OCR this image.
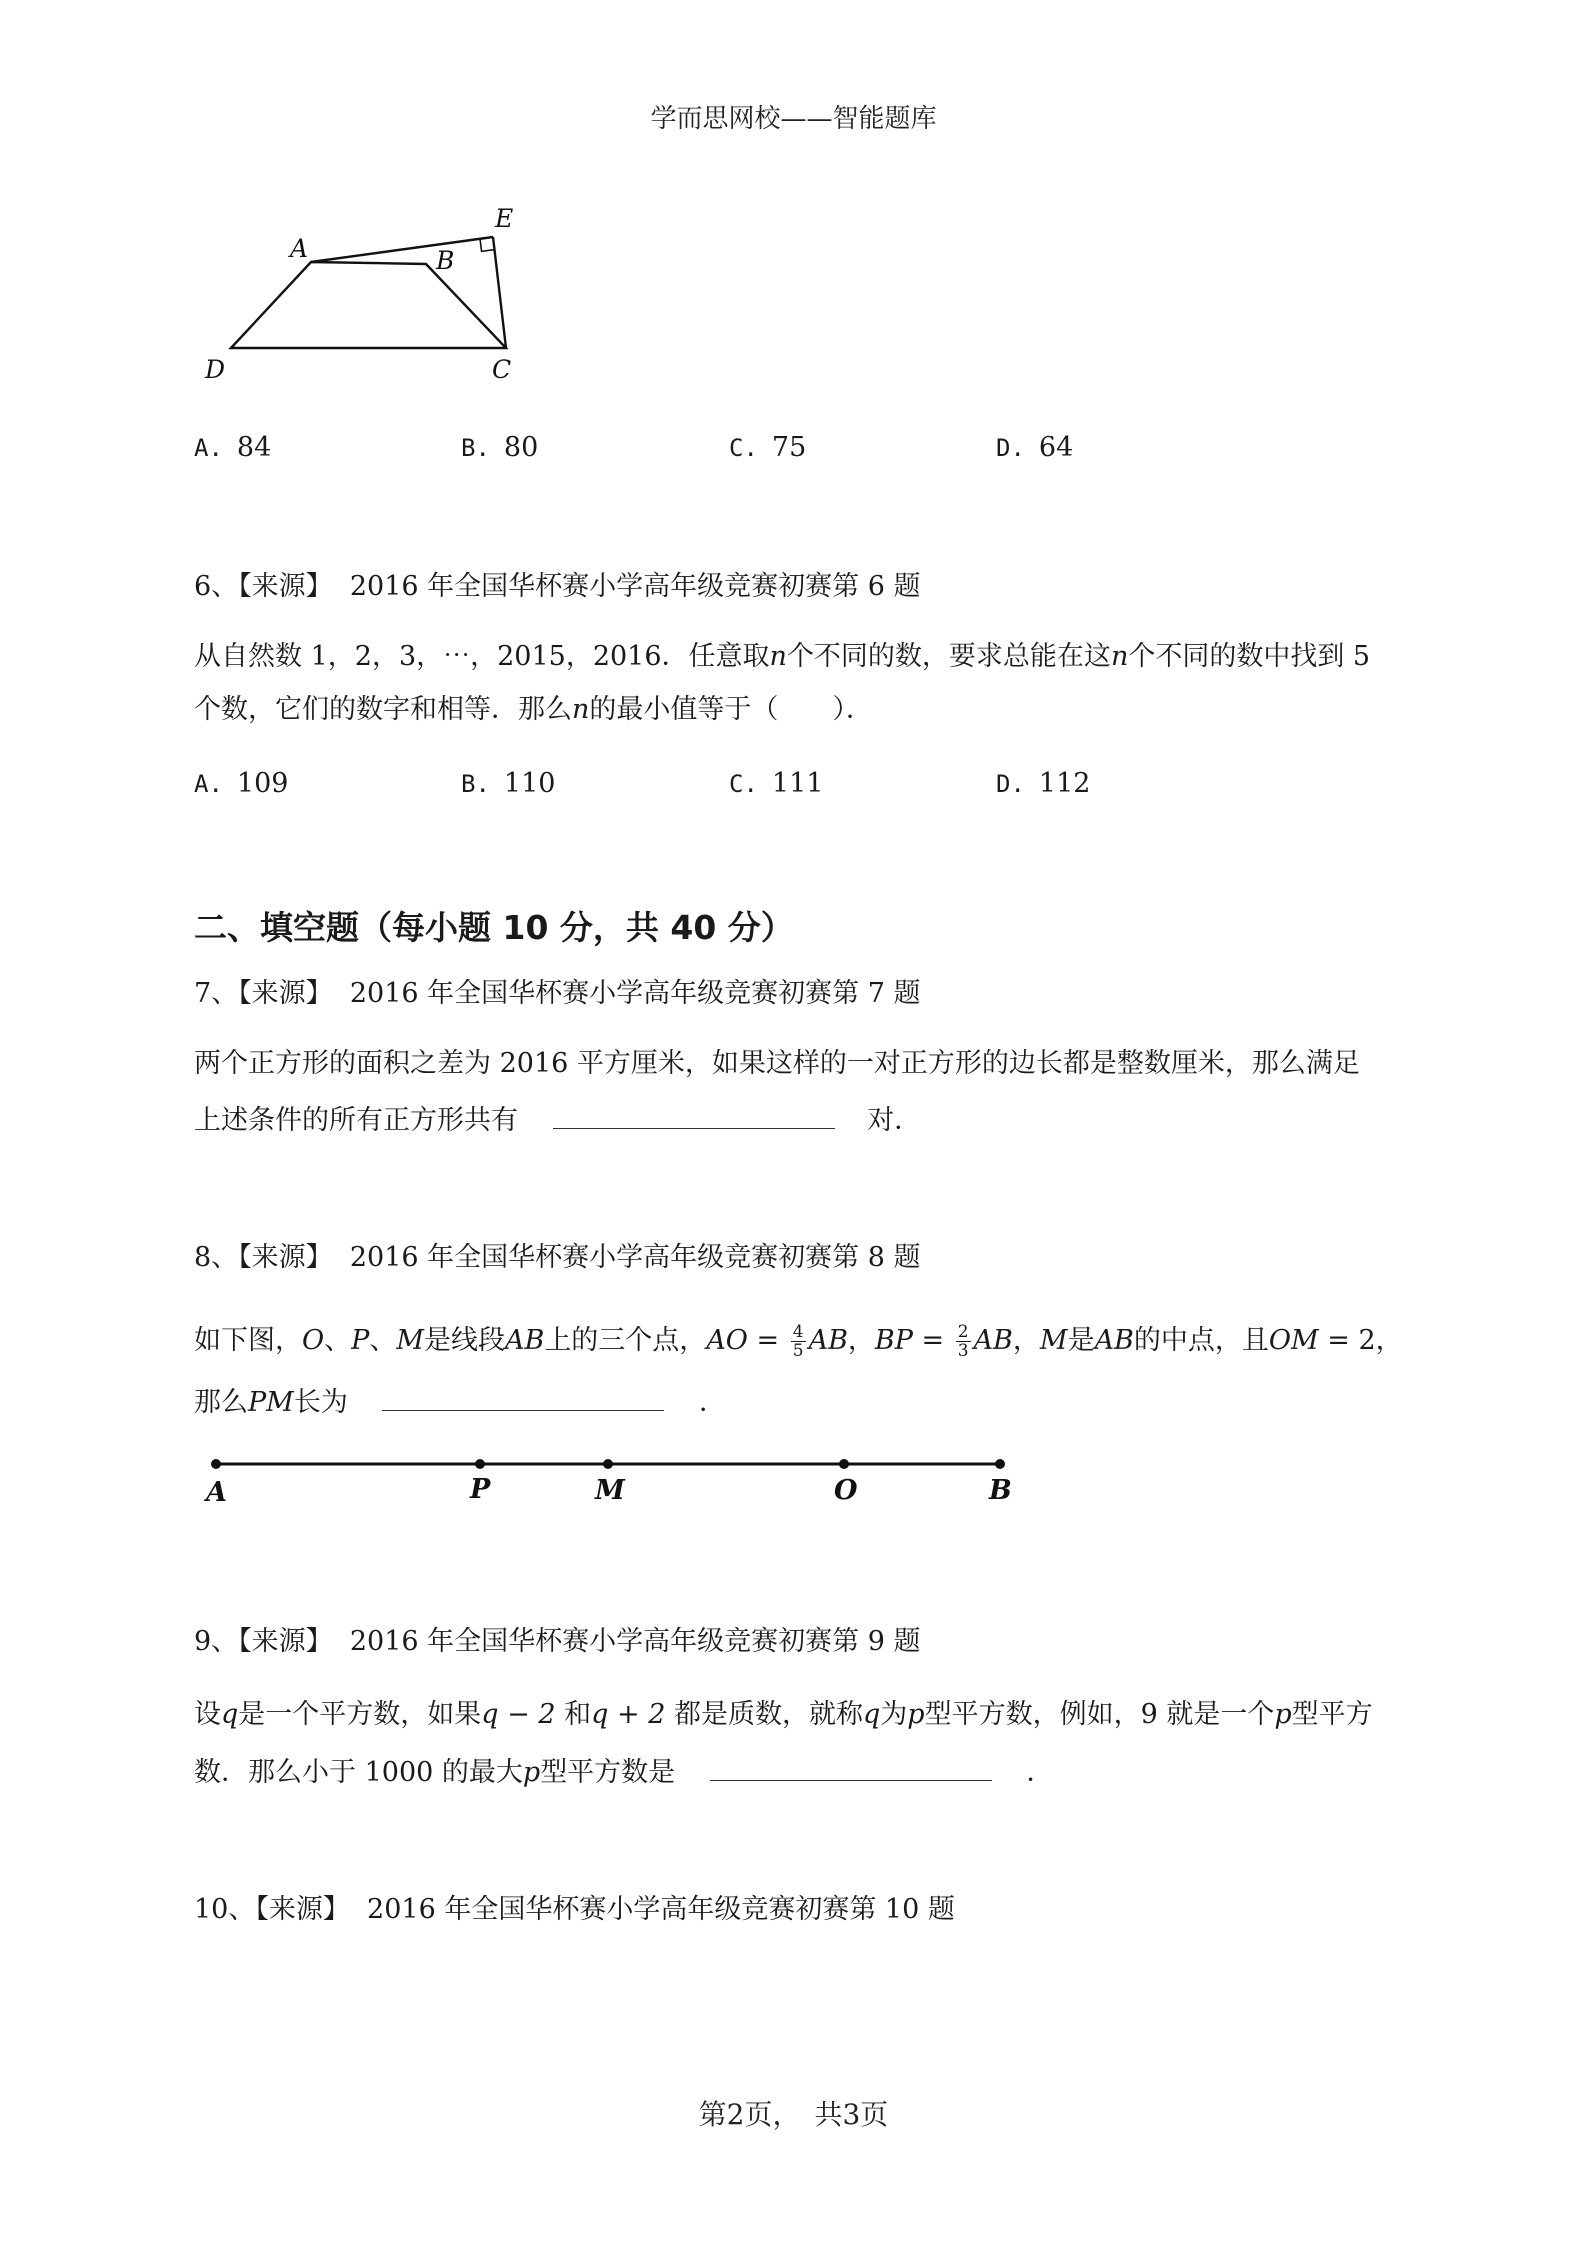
学而思网校——智能题库
A	B
C
D
E
A. 84	B. 80	C. 75	D. 64
6、【来源】 2016 年全国华杯赛小学高年级竞赛初赛第 6 题
从自然数 1，2，3，⋯，2015，2016．任意取n个不同的数，要求总能在这n个不同的数中找到 5
个数，它们的数字和相等．那么n的最小值等于（　　）．
A. 109	B. 110	C. 111	D. 112
二、填空题（每小题 10 分，共 40 分）
7、【来源】 2016 年全国华杯赛小学高年级竞赛初赛第 7 题
两个正方形的面积之差为 2016 平方厘米，如果这样的一对正方形的边长都是整数厘米，那么满足
上述条件的所有正方形共有	对．
8、【来源】 2016 年全国华杯赛小学高年级竞赛初赛第 8 题
如下图，O、P、M是线段AB上的三个点，AO = $\frac{4}{5}$ AB，BP = $\frac{2}{3}$ AB，M是AB的中点，且OM = 2，
那么PM长为	．
A	P	M	O	B
9、【来源】 2016 年全国华杯赛小学高年级竞赛初赛第 9 题
设q是一个平方数，如果q − 2 和q + 2 都是质数，就称q为p型平方数，例如，9 就是一个p型平方
数．那么小于 1000 的最大p型平方数是	．
10、【来源】 2016 年全国华杯赛小学高年级竞赛初赛第 10 题
第2页，　共3页
